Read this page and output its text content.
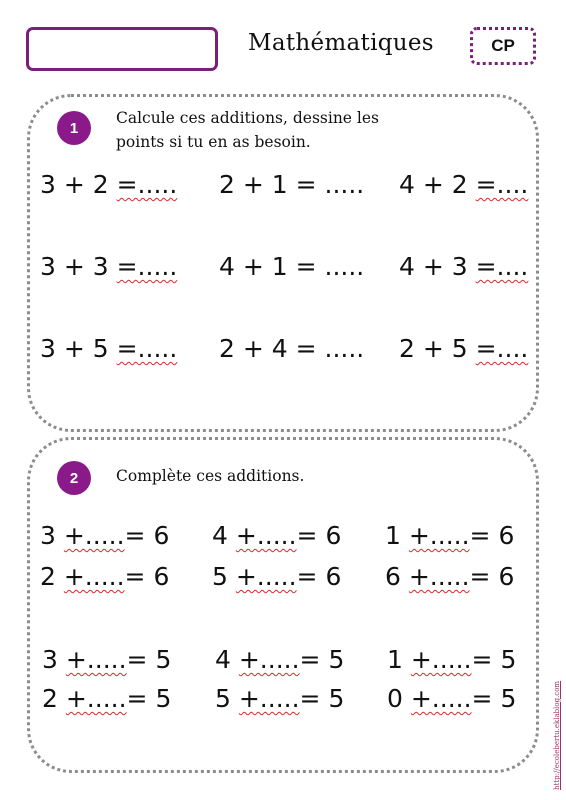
Mathématiques	CP
1
Calcule ces additions, dessine les
points si tu en as besoin.
3 + 2 =..... 2 + 1 = ..... 4 + 2 =....
3 + 3 =..... 4 + 1 = ..... 4 + 3 =....
3 + 5 =..... 2 + 4 = ..... 2 + 5 =....
2	Complète ces additions.
3 +.....= 6 4 +.....= 6 1 +.....= 6
2 +.....= 6 5 +.....= 6 6 +.....= 6
3 +.....= 5 4 +.....= 5 1 +.....= 5
2 +.....= 5 5 +.....= 5 0 +.....= 5	http://ecolebertu.eklablog.com
